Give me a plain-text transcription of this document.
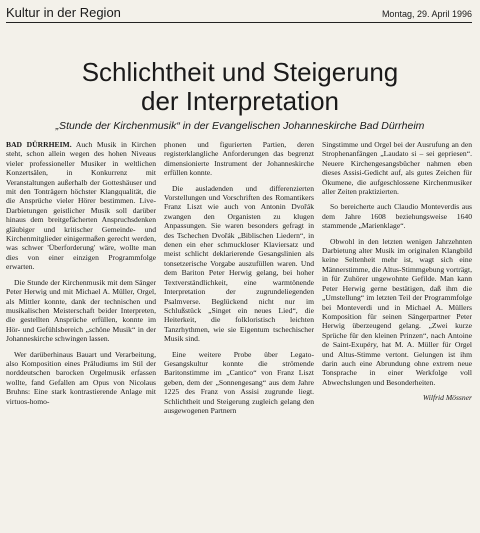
Kultur in der Region	Montag, 29. April 1996
Schlichtheit und Steigerung
der Interpretation
„Stunde der Kirchenmusik“ in der Evangelischen Johanneskirche Bad Dürrheim

BAD DÜRRHEIM. Auch Musik in Kirchen steht, schon allein wegen des hohen Niveaus vieler professioneller Musiker in weltlichen Konzertsälen, in Konkurrenz mit Veranstaltungen außerhalb der Gotteshäuser und mit den Tonträgern höchster Klangqualität, die die Ansprüche vieler Hörer bestimmen. Live-Darbietungen geistlicher Musik soll darüber hinaus dem breitgefächerten Anspruchsdenken gläubiger und kritischer Gemeinde- und Kirchenmitglieder einigermaßen gerecht werden, was schwer 'Überforderung' wäre, wollte man dies von einer einzigen Programmfolge erwarten.

Die Stunde der Kirchenmusik mit dem Sänger Peter Herwig und mit Michael A. Müller, Orgel, als Mittler konnte, dank der technischen und musikalischen Meisterschaft beider Interpreten, die gestellten Ansprüche erfüllen, konnte im Hör- und Gefühlsbereich „schöne Musik“ in der Johanneskirche schwingen lassen.

Wer darüberhinaus Bauart und Verarbeitung, also Komposition eines Präludiums im Stil der norddeutschen barocken Orgelmusik erfassen wollte, fand Gefallen am Opus von Nicolaus Bruhns: Eine stark kontrastierende Anlage mit virtuos-homo-

phonen und figurierten Partien, deren registerklangliche Anforderungen das begrenzt dimensionierte Instrument der Johanneskirche erfüllen konnte.

Die ausladenden und differenzierten Vorstellungen und Vorschriften des Romantikers Franz Liszt wie auch von Antonin Dvořák zwangen den Organisten zu klugen Anpassungen. Sie waren besonders gefragt in des Tschechen Dvořák „Biblischen Liedern“, in denen ein eher schmuckloser Klaviersatz und meist schlicht deklarierende Gesangslinien als tonsetzerische Vorgabe auszufüllen waren. Und dem Bariton Peter Herwig gelang, bei hoher Textverständlichkeit, eine warmtönende Interpretation der zugrundeliegenden Psalmverse. Beglückend nicht nur im Schlußstück „Singet ein neues Lied“, die Heiterkeit, die folkloristisch leichten Tanzrhythmen, wie sie Eigentum tschechischer Musik sind.

Eine weitere Probe über Legato-Gesangskultur konnte die strömende Baritonstimme im „Cantico“ von Franz Liszt geben, dem der „Sonnengesang“ aus dem Jahre 1225 des Franz von Assisi zugrunde liegt. Schlichtheit und Steigerung zugleich gelang den ausgewogenen Partnern

Singstimme und Orgel bei der Ausrufung an den Strophenanfängen „Laudato si – sei gepriesen“. Neuere Kirchengesangsbücher nahmen eben dieses Assisi-Gedicht auf, als gutes Zeichen für Ökumene, die aufgeschlossene Kirchenmusiker aller Zeiten praktizierten.

So bereicherte auch Claudio Monteverdis aus dem Jahre 1608 beziehungsweise 1640 stammende „Marienklage“.

Obwohl in den letzten wenigen Jahrzehnten Darbietung alter Musik im originalen Klangbild keine Seltenheit mehr ist, wagt sich eine Männerstimme, die Altus-Stimmgebung vorträgt, in für Zuhörer ungewohnte Gefilde. Man kann Peter Herwig gerne bestätigen, daß ihm die „Umstellung“ im letzten Teil der Programmfolge bei Monteverdi und in Michael A. Müllers Komposition für seinen Sängerpartner Peter Herwig überzeugend gelang. „Zwei kurze Sprüche für den kleinen Prinzen“, nach Antoine de Saint-Exupéry, hat M. A. Müller für Orgel und Altus-Stimme vertont. Gelungen ist ihm darin auch eine Abrundung ohne extrem neue Tonsprache in einer Werkfolge voll Abwechslungen und Besonderheiten.

Wilfrid Mössner
